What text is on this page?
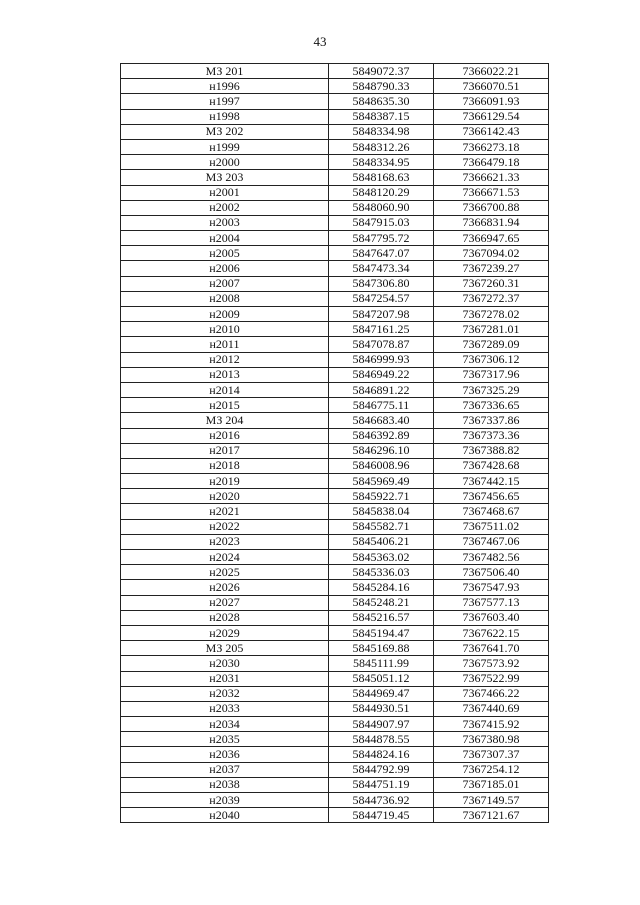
43
МЗ 201	5849072.37	7366022.21
н1996	5848790.33	7366070.51
н1997	5848635.30	7366091.93
н1998	5848387.15	7366129.54
МЗ 202	5848334.98	7366142.43
н1999	5848312.26	7366273.18
н2000	5848334.95	7366479.18
МЗ 203	5848168.63	7366621.33
н2001	5848120.29	7366671.53
н2002	5848060.90	7366700.88
н2003	5847915.03	7366831.94
н2004	5847795.72	7366947.65
н2005	5847647.07	7367094.02
н2006	5847473.34	7367239.27
н2007	5847306.80	7367260.31
н2008	5847254.57	7367272.37
н2009	5847207.98	7367278.02
н2010	5847161.25	7367281.01
н2011	5847078.87	7367289.09
н2012	5846999.93	7367306.12
н2013	5846949.22	7367317.96
н2014	5846891.22	7367325.29
н2015	5846775.11	7367336.65
МЗ 204	5846683.40	7367337.86
н2016	5846392.89	7367373.36
н2017	5846296.10	7367388.82
н2018	5846008.96	7367428.68
н2019	5845969.49	7367442.15
н2020	5845922.71	7367456.65
н2021	5845838.04	7367468.67
н2022	5845582.71	7367511.02
н2023	5845406.21	7367467.06
н2024	5845363.02	7367482.56
н2025	5845336.03	7367506.40
н2026	5845284.16	7367547.93
н2027	5845248.21	7367577.13
н2028	5845216.57	7367603.40
н2029	5845194.47	7367622.15
МЗ 205	5845169.88	7367641.70
н2030	5845111.99	7367573.92
н2031	5845051.12	7367522.99
н2032	5844969.47	7367466.22
н2033	5844930.51	7367440.69
н2034	5844907.97	7367415.92
н2035	5844878.55	7367380.98
н2036	5844824.16	7367307.37
н2037	5844792.99	7367254.12
н2038	5844751.19	7367185.01
н2039	5844736.92	7367149.57
н2040	5844719.45	7367121.67
